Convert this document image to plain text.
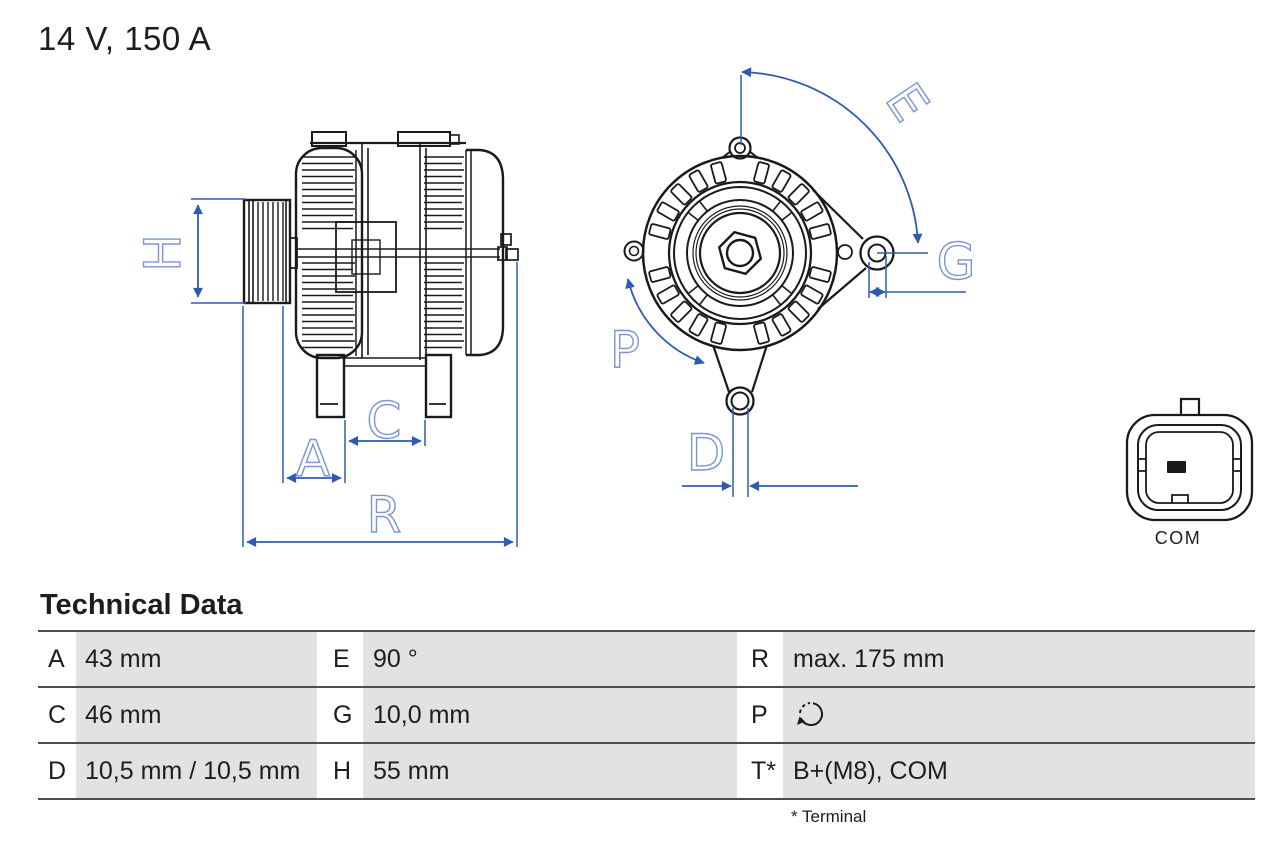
14 V, 150 A
H
A
C
R
E
G
P
D
COM
Technical Data
A 43 mm	E 90 °	R max. 175 mm
C 46 mm	G 10,0 mm	P
D 10,5 mm / 10,5 mm	H 55 mm	T* B+(M8), COM
* Terminal
